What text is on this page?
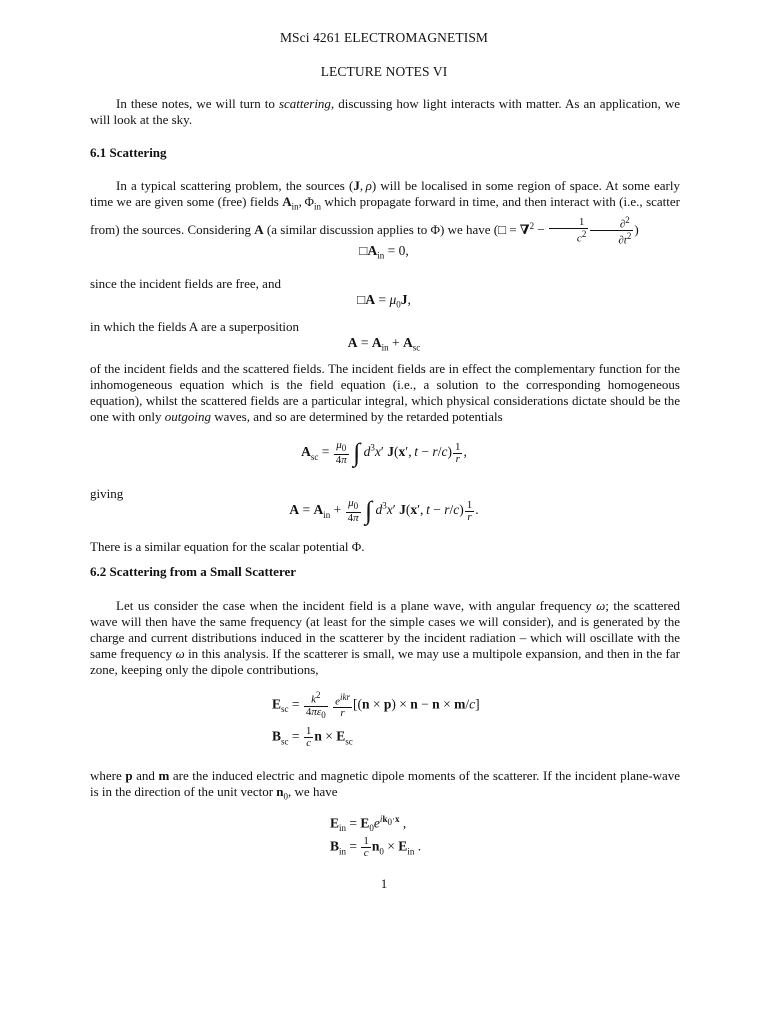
MSci 4261 ELECTROMAGNETISM
LECTURE NOTES VI
In these notes, we will turn to scattering, discussing how light interacts with matter. As an application, we will look at the sky.
6.1 Scattering
In a typical scattering problem, the sources (J, ρ) will be localised in some region of space. At some early time we are given some (free) fields $A_{in}$, $\Phi_{in}$ which propagate forward in time, and then interact with (i.e., scatter from) the sources. Considering A (a similar discussion applies to Φ) we have (□ = $\nabla^2 - \frac{1}{c^2} \frac{\partial^2}{\partial t^2}$ )
$□A_{in} = 0$,
since the incident fields are free, and
□A = $\mu_0J$,
in which the fields A are a superposition
$A = A_{in} + A_{sc}$
of the incident fields and the scattered fields. The incident fields are in effect the complementary function for the inhomogeneous equation which is the field equation (i.e., a solution to the corresponding homogeneous equation), whilst the scattered fields are a particular integral, which physical considerations dictate should be the one with only outgoing waves, and so are determined by the retarded potentials
$A_{sc} = \frac{\mu_0}{4\pi}$ ∫ $d^3x'$ J(x′, $t - r/c) \frac{1}{r}$ ,
giving
$A = A_{in} + \frac{\mu_0}{4\pi}$ ∫ $d^3x'$ J(x′, $t - r/c) \frac{1}{r}$ .
There is a similar equation for the scalar potential Φ.
6.2 Scattering from a Small Scatterer
Let us consider the case when the incident field is a plane wave, with angular frequency ω; the scattered wave will then have the same frequency (at least for the simple cases we will consider), and is generated by the charge and current distributions induced in the scatterer by the incident radiation – which will oscillate with the same frequency ω in this analysis. If the scatterer is small, we may use a multipole expansion, and then in the far zone, keeping only the dipole contributions,
$E_{sc} = \frac{k^2}{4\pi\varepsilon_0}$
$\frac{e^{ikr}}{r} [(n \times p) \times n - n \times m/c]$
$B_{sc} = \frac{1}{c}$ $n \times E_{sc}$
where p and m are the induced electric and magnetic dipole moments of the scatterer. If the incident plane-wave is in the direction of the unit vector $n_0$, we have
$E_{in} = E_0e^{ik_0\cdot x}$ ,
$B_{in} = \frac{1}{c} n_0 \times E_{in}$ .
1
